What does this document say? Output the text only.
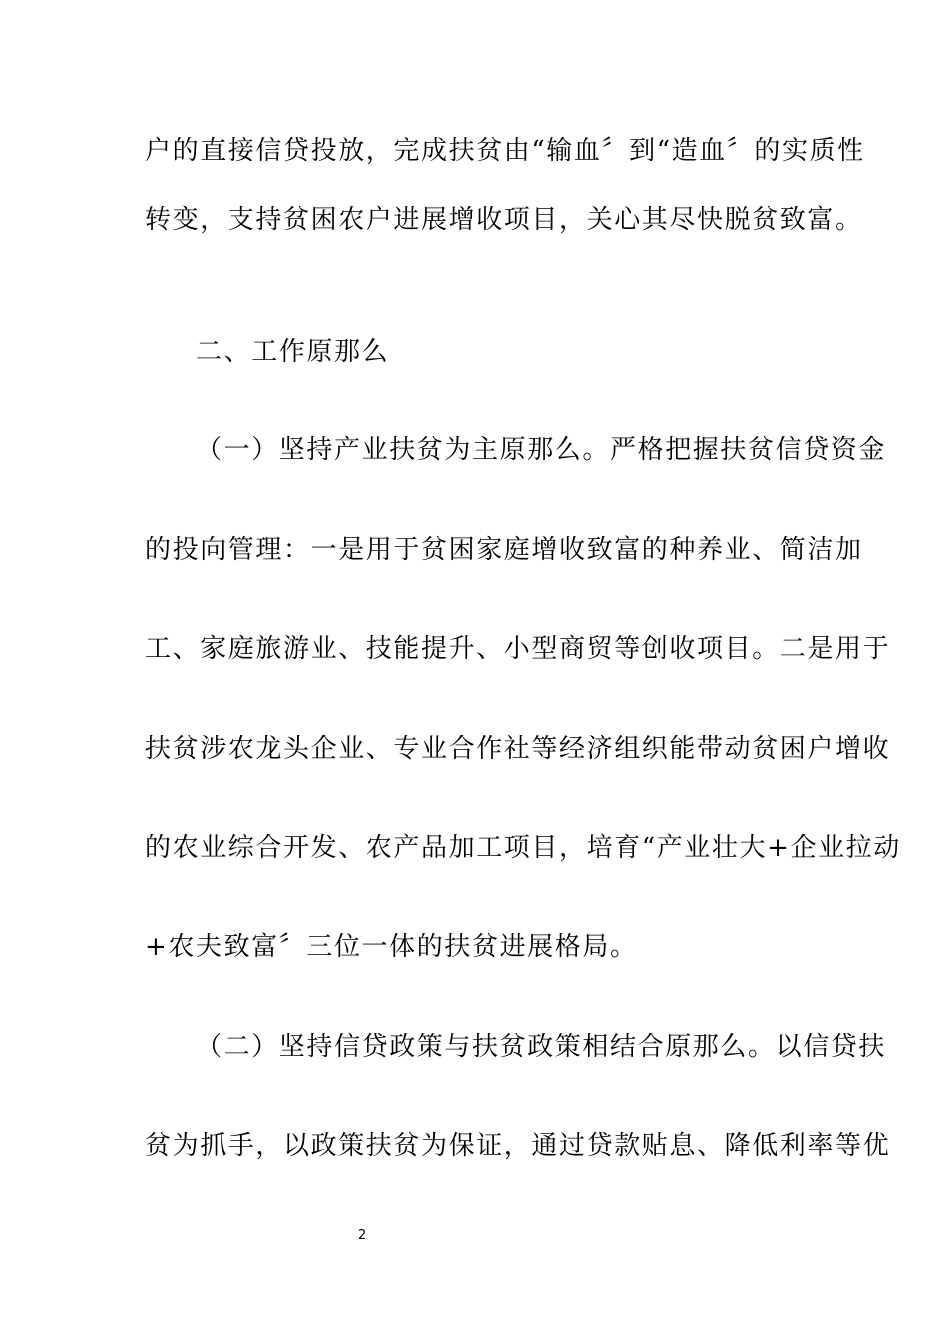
户的直接信贷投放，完成扶贫由“输血〞到“造血〞的实质性
转变，支持贫困农户进展增收项目，关心其尽快脱贫致富。
二、工作原那么
（一）坚持产业扶贫为主原那么。严格把握扶贫信贷资金
的投向管理：一是用于贫困家庭增收致富的种养业、简洁加
工、家庭旅游业、技能提升、小型商贸等创收项目。二是用于
扶贫涉农龙头企业、专业合作社等经济组织能带动贫困户增收
的农业综合开发、农产品加工项目，培育“产业壮大+企业拉动
+农夫致富〞三位一体的扶贫进展格局。
（二）坚持信贷政策与扶贫政策相结合原那么。以信贷扶
贫为抓手，以政策扶贫为保证，通过贷款贴息、降低利率等优
2
